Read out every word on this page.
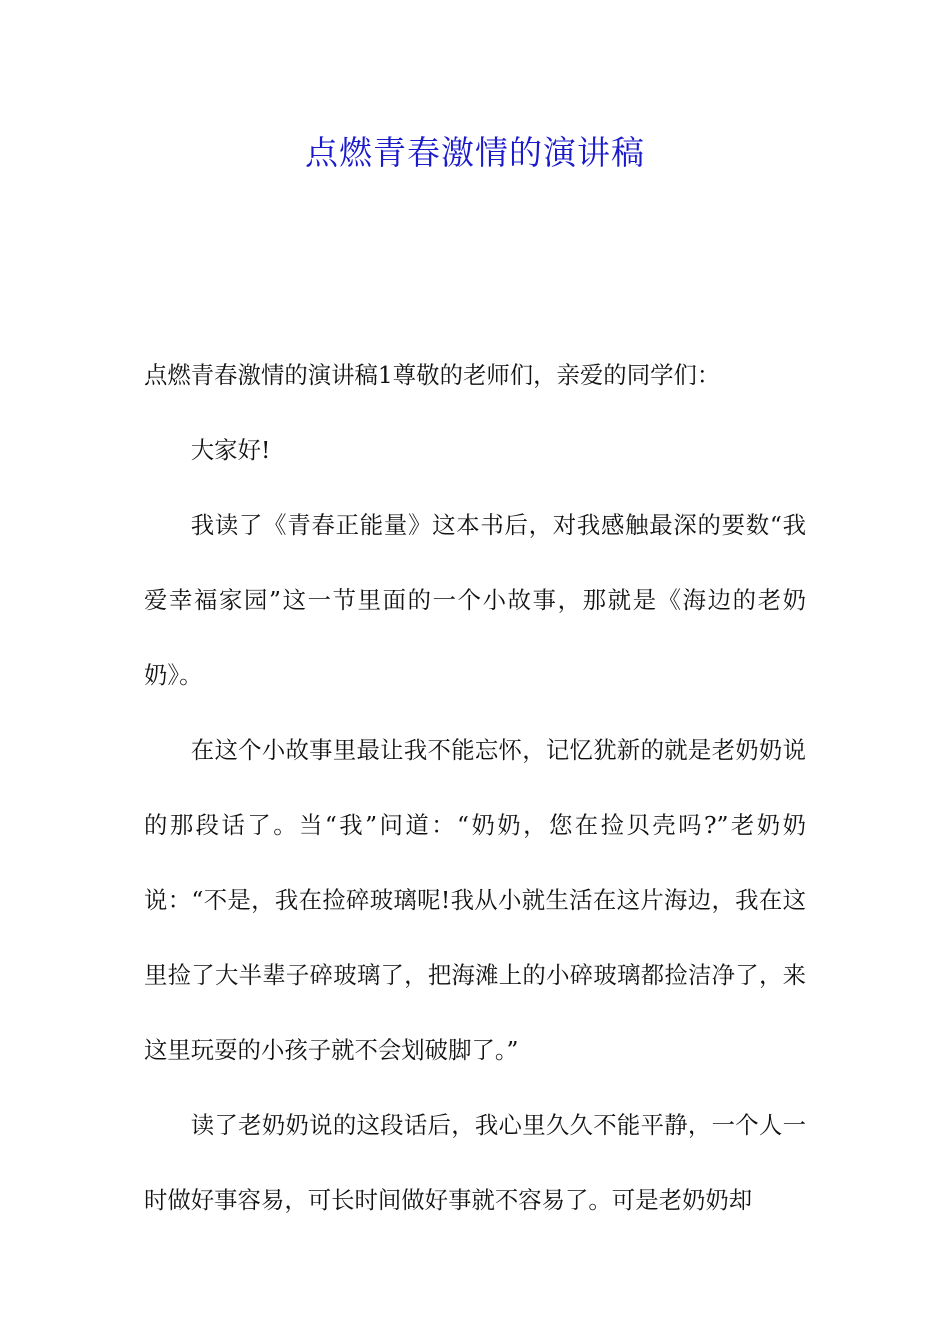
点燃青春激情的演讲稿

点燃青春激情的演讲稿1尊敬的老师们，亲爱的同学们：

大家好!

我读了《青春正能量》这本书后，对我感触最深的要数“我爱幸福家园”这一节里面的一个小故事，那就是《海边的老奶奶》。

在这个小故事里最让我不能忘怀，记忆犹新的就是老奶奶说的那段话了。当“我”问道：“奶奶，您在捡贝壳吗?”老奶奶说：“不是，我在捡碎玻璃呢!我从小就生活在这片海边，我在这里捡了大半辈子碎玻璃了，把海滩上的小碎玻璃都捡洁净了，来这里玩耍的小孩子就不会划破脚了。”

读了老奶奶说的这段话后，我心里久久不能平静，一个人一时做好事容易，可长时间做好事就不容易了。可是老奶奶却
